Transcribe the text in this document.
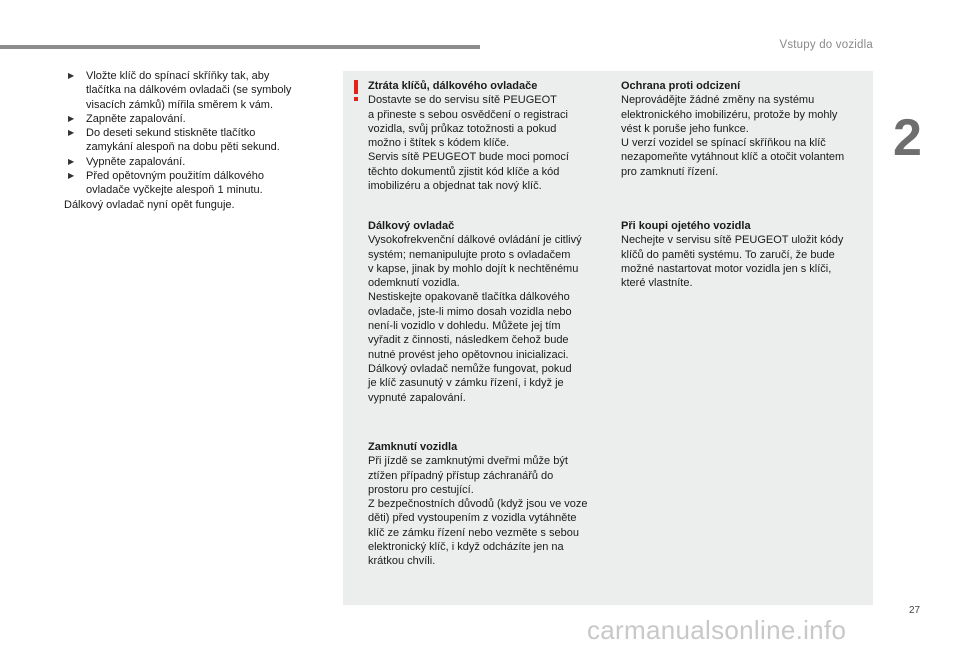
Vstupy do vozidla
2
▶ Vložte klíč do spínací skříňky tak, aby
tlačítka na dálkovém ovladači (se symboly
visacích zámků) mířila směrem k vám.
▶ Zapněte zapalování.
▶ Do deseti sekund stiskněte tlačítko
zamykání alespoň na dobu pěti sekund.
▶ Vypněte zapalování.
▶ Před opětovným použitím dálkového
ovladače vyčkejte alespoň 1 minutu.
Dálkový ovladač nyní opět funguje.
Ztráta klíčů, dálkového ovladače
Dostavte se do servisu sítě PEUGEOT
a přineste s sebou osvědčení o registraci
vozidla, svůj průkaz totožnosti a pokud
možno i štítek s kódem klíče.
Servis sítě PEUGEOT bude moci pomocí
těchto dokumentů zjistit kód klíče a kód
imobilizéru a objednat tak nový klíč.
Dálkový ovladač
Vysokofrekvenční dálkové ovládání je citlivý
systém; nemanipulujte proto s ovladačem
v kapse, jinak by mohlo dojít k nechtěnému
odemknutí vozidla.
Nestiskejte opakovaně tlačítka dálkového
ovladače, jste-li mimo dosah vozidla nebo
není-li vozidlo v dohledu. Můžete jej tím
vyřadit z činnosti, následkem čehož bude
nutné provést jeho opětovnou inicializaci.
Dálkový ovladač nemůže fungovat, pokud
je klíč zasunutý v zámku řízení, i když je
vypnuté zapalování.
Zamknutí vozidla
Při jízdě se zamknutými dveřmi může být
ztížen případný přístup záchranářů do
prostoru pro cestující.
Z bezpečnostních důvodů (když jsou ve voze
děti) před vystoupením z vozidla vytáhněte
klíč ze zámku řízení nebo vezměte s sebou
elektronický klíč, i když odcházíte jen na
krátkou chvíli.
Ochrana proti odcizení
Neprovádějte žádné změny na systému
elektronického imobilizéru, protože by mohly
vést k poruše jeho funkce.
U verzí vozidel se spínací skříňkou na klíč
nezapomeňte vytáhnout klíč a otočit volantem
pro zamknutí řízení.
Při koupi ojetého vozidla
Nechejte v servisu sítě PEUGEOT uložit kódy
klíčů do paměti systému. To zaručí, že bude
možné nastartovat motor vozidla jen s klíči,
které vlastníte.
27
carmanualsonline.info
